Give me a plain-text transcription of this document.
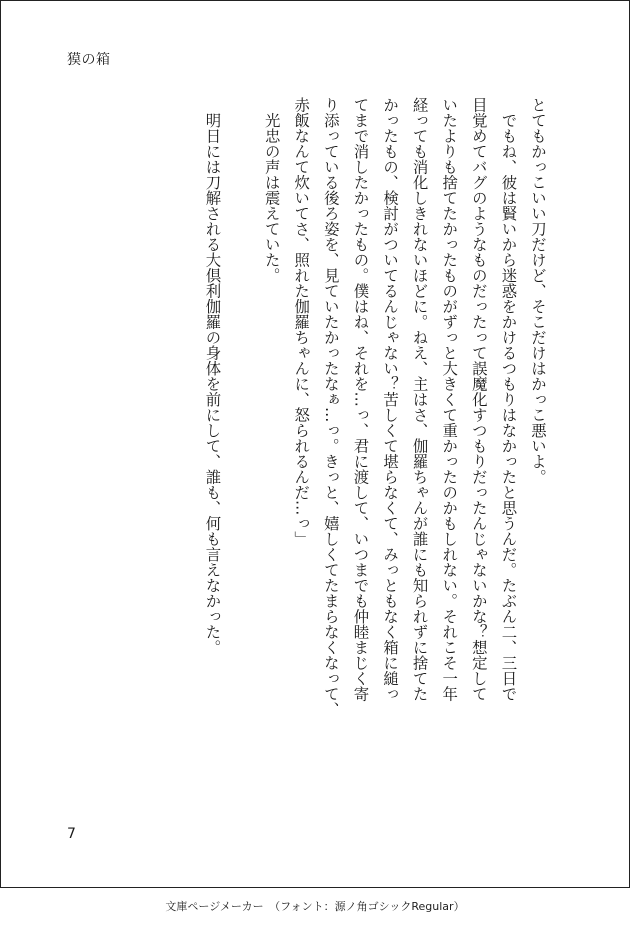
獏の箱
とてもかっこいい刀だけど、そこだけはかっこ悪いよ。
　でもね、彼は賢いから迷惑をかけるつもりはなかったと思うんだ。たぶん二、三日で
目覚めてバグのようなものだったって誤魔化すつもりだったんじゃないかな？想定して
いたよりも捨てたかったものがずっと大きくて重かったのかもしれない。それこそ一年
経っても消化しきれないほどに。ねえ、主はさ、伽羅ちゃんが誰にも知られずに捨てた
かったもの、検討がついてるんじゃない？苦しくて堪らなくて、みっともなく箱に縋っ
てまで消したかったもの。僕はね、それを…っ、君に渡して、いつまでも仲睦まじく寄
り添っている後ろ姿を、見ていたかったなぁ…っ。きっと、嬉しくてたまらなくなって、
赤飯なんて炊いてさ、照れた伽羅ちゃんに、怒られるんだ…っ」
　光忠の声は震えていた。

　明日には刀解される大倶利伽羅の身体を前にして、誰も、何も言えなかった。
7
文庫ページメーカー　（フォント：源ノ角ゴシックRegular）
